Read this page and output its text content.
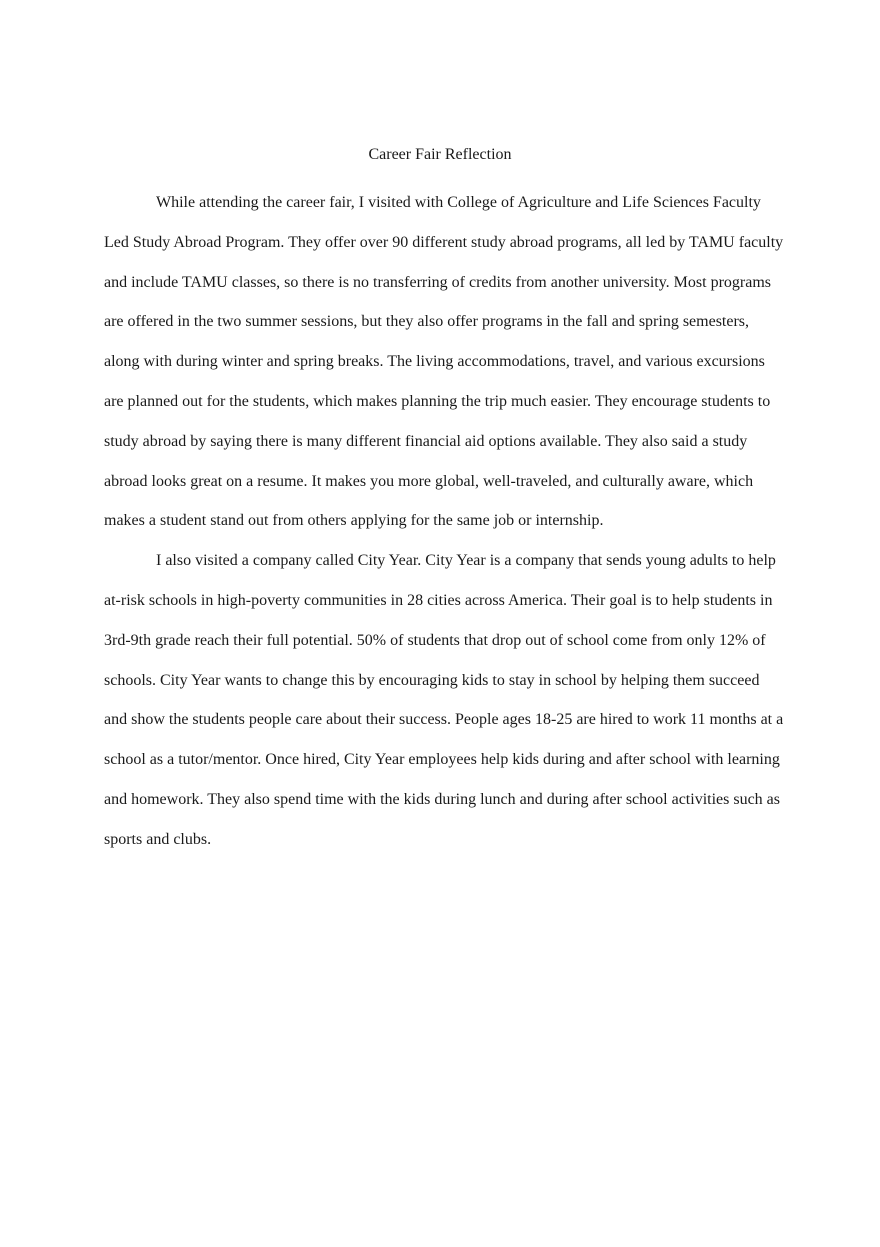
Career Fair Reflection

While attending the career fair, I visited with College of Agriculture and Life Sciences Faculty Led Study Abroad Program. They offer over 90 different study abroad programs, all led by TAMU faculty and include TAMU classes, so there is no transferring of credits from another university. Most programs are offered in the two summer sessions, but they also offer programs in the fall and spring semesters, along with during winter and spring breaks. The living accommodations, travel, and various excursions are planned out for the students, which makes planning the trip much easier. They encourage students to study abroad by saying there is many different financial aid options available. They also said a study abroad looks great on a resume. It makes you more global, well-traveled, and culturally aware, which makes a student stand out from others applying for the same job or internship.

I also visited a company called City Year. City Year is a company that sends young adults to help at-risk schools in high-poverty communities in 28 cities across America. Their goal is to help students in 3rd-9th grade reach their full potential. 50% of students that drop out of school come from only 12% of schools. City Year wants to change this by encouraging kids to stay in school by helping them succeed and show the students people care about their success. People ages 18-25 are hired to work 11 months at a school as a tutor/mentor. Once hired, City Year employees help kids during and after school with learning and homework. They also spend time with the kids during lunch and during after school activities such as sports and clubs.
